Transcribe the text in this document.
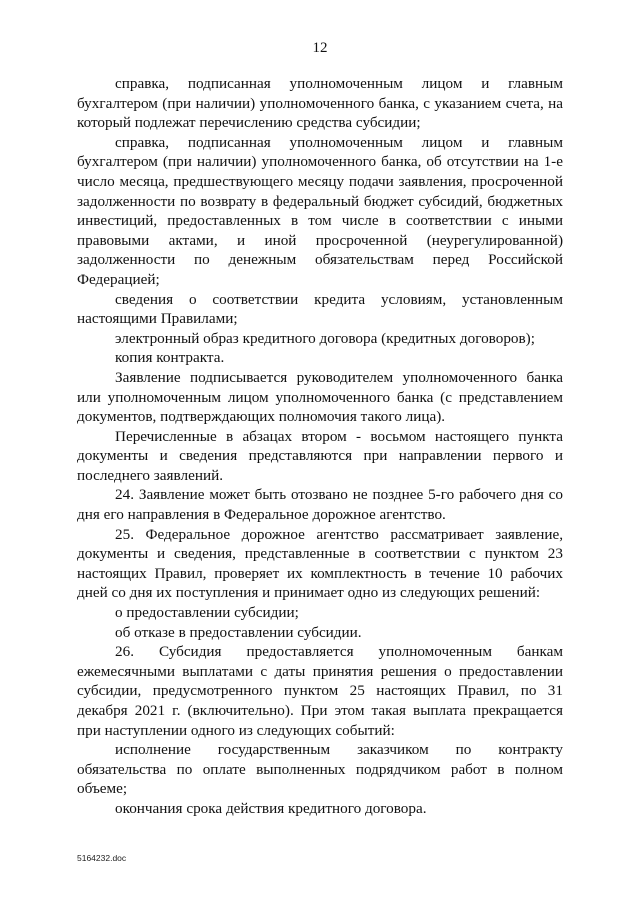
12

справка, подписанная уполномоченным лицом и главным бухгалтером (при наличии) уполномоченного банка, с указанием счета, на который подлежат перечислению средства субсидии;

справка, подписанная уполномоченным лицом и главным бухгалтером (при наличии) уполномоченного банка, об отсутствии на 1-е число месяца, предшествующего месяцу подачи заявления, просроченной задолженности по возврату в федеральный бюджет субсидий, бюджетных инвестиций, предоставленных в том числе в соответствии с иными правовыми актами, и иной просроченной (неурегулированной) задолженности по денежным обязательствам перед Российской Федерацией;

сведения о соответствии кредита условиям, установленным настоящими Правилами;

электронный образ кредитного договора (кредитных договоров);

копия контракта.

Заявление подписывается руководителем уполномоченного банка или уполномоченным лицом уполномоченного банка (с представлением документов, подтверждающих полномочия такого лица).

Перечисленные в абзацах втором - восьмом настоящего пункта документы и сведения представляются при направлении первого и последнего заявлений.

24. Заявление может быть отозвано не позднее 5-го рабочего дня со дня его направления в Федеральное дорожное агентство.

25. Федеральное дорожное агентство рассматривает заявление, документы и сведения, представленные в соответствии с пунктом 23 настоящих Правил, проверяет их комплектность в течение 10 рабочих дней со дня их поступления и принимает одно из следующих решений:

о предоставлении субсидии;

об отказе в предоставлении субсидии.

26. Субсидия предоставляется уполномоченным банкам ежемесячными выплатами с даты принятия решения о предоставлении субсидии, предусмотренного пунктом 25 настоящих Правил, по 31 декабря 2021 г. (включительно). При этом такая выплата прекращается при наступлении одного из следующих событий:

исполнение государственным заказчиком по контракту обязательства по оплате выполненных подрядчиком работ в полном объеме;

окончания срока действия кредитного договора.

5164232.doc
